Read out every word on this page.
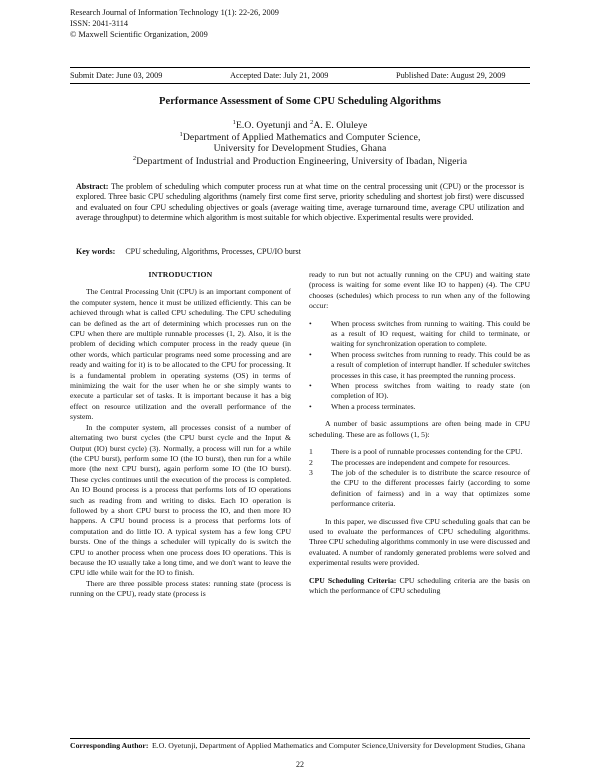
Research Journal of Information Technology 1(1): 22-26, 2009
ISSN: 2041-3114
© Maxwell Scientific Organization, 2009
Submit Date: June 03, 2009	Accepted Date: July 21, 2009	Published Date: August 29, 2009
Performance Assessment of Some CPU Scheduling Algorithms
$^1$E.O. Oyetunji and $^2$A. E. Oluleye
$^1$Department of Applied Mathematics and Computer Science,
University for Development Studies, Ghana
$^2$Department of Industrial and Production Engineering, University of Ibadan, Nigeria
Abstract: The problem of scheduling which computer process run at what time on the central processing unit (CPU) or the processor is explored. Three basic CPU scheduling algorithms (namely first come first serve, priority scheduling and shortest job first) were discussed and evaluated on four CPU scheduling objectives or goals (average waiting time, average turnaround time, average CPU utilization and average throughput) to determine which algorithm is most suitable for which objective. Experimental results were provided.
Key words: CPU scheduling, Algorithms, Processes, CPU/IO burst

INTRODUCTION

The Central Processing Unit (CPU) is an important component of the computer system, hence it must be utilized efficiently. This can be achieved through what is called CPU scheduling. The CPU scheduling can be defined as the art of determining which processes run on the CPU when there are multiple runnable processes (1, 2). Also, it is the problem of deciding which computer process in the ready queue (in other words, which particular programs need some processing and are ready and waiting for it) is to be allocated to the CPU for processing. It is a fundamental problem in operating systems (OS) in terms of minimizing the wait for the user when he or she simply wants to execute a particular set of tasks. It is important because it has a big effect on resource utilization and the overall performance of the system.

In the computer system, all processes consist of a number of alternating two burst cycles (the CPU burst cycle and the Input & Output (IO) burst cycle) (3). Normally, a process will run for a while (the CPU burst), perform some IO (the IO burst), then run for a while more (the next CPU burst), again perform some IO (the IO burst). These cycles continues until the execution of the process is completed. An IO Bound process is a process that performs lots of IO operations such as reading from and writing to disks. Each IO operation is followed by a short CPU burst to process the IO, and then more IO happens. A CPU bound process is a process that performs lots of computation and do little IO. A typical system has a few long CPU bursts. One of the things a scheduler will typically do is switch the CPU to another process when one process does IO operations. This is because the IO usually take a long time, and we don't want to leave the CPU idle while wait for the IO to finish.

There are three possible process states: running state (process is running on the CPU), ready state (process is

ready to run but not actually running on the CPU) and waiting state (process is waiting for some event like IO to happen) (4). The CPU chooses (schedules) which process to run when any of the following occur:

•	When process switches from running to waiting. This could be as a result of IO request, waiting for child to terminate, or waiting for synchronization operation to complete.
•	When process switches from running to ready. This could be as a result of completion of interrupt handler. If scheduler switches processes in this case, it has preempted the running process.
•	When process switches from waiting to ready state (on completion of IO).
•	When a process terminates.

A number of basic assumptions are often being made in CPU scheduling. These are as follows (1, 5):

1	There is a pool of runnable processes contending for the CPU.
2	The processes are independent and compete for resources.
3	The job of the scheduler is to distribute the scarce resource of the CPU to the different processes fairly (according to some definition of fairness) and in a way that optimizes some performance criteria.

In this paper, we discussed five CPU scheduling goals that can be used to evaluate the performances of CPU scheduling algorithms. Three CPU scheduling algorithms commonly in use were discussed and evaluated. A number of randomly generated problems were solved and experimental results were provided.

CPU Scheduling Criteria: CPU scheduling criteria are the basis on which the performance of CPU scheduling

Corresponding Author: E.O. Oyetunji, Department of Applied Mathematics and Computer Science,University for Development Studies, Ghana
22
